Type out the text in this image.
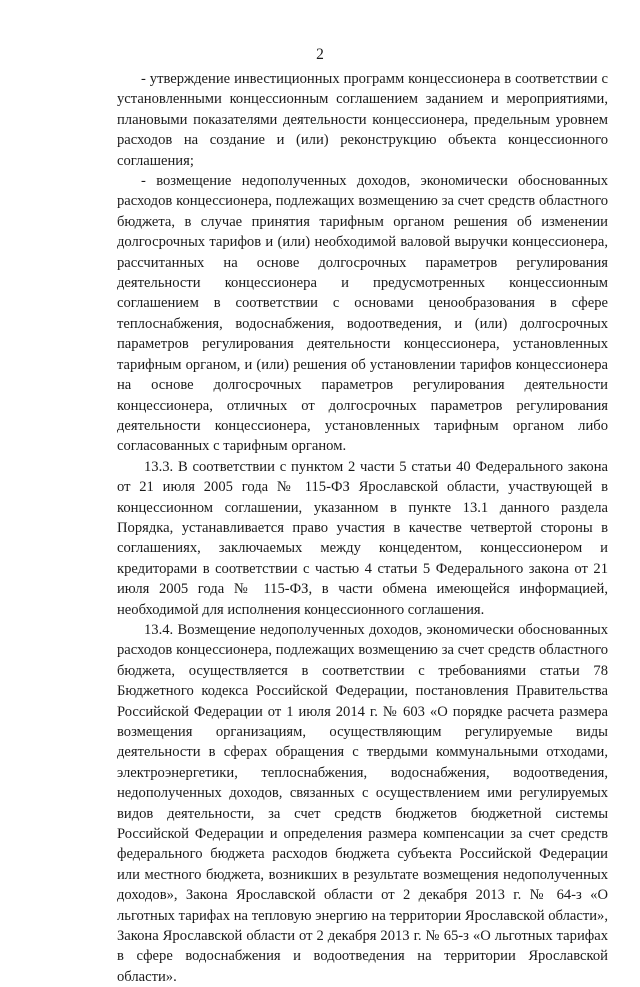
2

- утверждение инвестиционных программ концессионера в соответствии с установленными концессионным соглашением заданием и мероприятиями, плановыми показателями деятельности концессионера, предельным уровнем расходов на создание и (или) реконструкцию объекта концессионного соглашения;

- возмещение недополученных доходов, экономически обоснованных расходов концессионера, подлежащих возмещению за счет средств областного бюджета, в случае принятия тарифным органом решения об изменении долгосрочных тарифов и (или) необходимой валовой выручки концессионера, рассчитанных на основе долгосрочных параметров регулирования деятельности концессионера и предусмотренных концессионным соглашением в соответствии с основами ценообразования в сфере теплоснабжения, водоснабжения, водоотведения, и (или) долгосрочных параметров регулирования деятельности концессионера, установленных тарифным органом, и (или) решения об установлении тарифов концессионера на основе долгосрочных параметров регулирования деятельности концессионера, отличных от долгосрочных параметров регулирования деятельности концессионера, установленных тарифным органом либо согласованных с тарифным органом.

13.3. В соответствии с пунктом 2 части 5 статьи 40 Федерального закона от 21 июля 2005 года № 115-ФЗ Ярославской области, участвующей в концессионном соглашении, указанном в пункте 13.1 данного раздела Порядка, устанавливается право участия в качестве четвертой стороны в соглашениях, заключаемых между концедентом, концессионером и кредиторами в соответствии с частью 4 статьи 5 Федерального закона от 21 июля 2005 года № 115-ФЗ, в части обмена имеющейся информацией, необходимой для исполнения концессионного соглашения.

13.4. Возмещение недополученных доходов, экономически обоснованных расходов концессионера, подлежащих возмещению за счет средств областного бюджета, осуществляется в соответствии с требованиями статьи 78 Бюджетного кодекса Российской Федерации, постановления Правительства Российской Федерации от 1 июля 2014 г. № 603 «О порядке расчета размера возмещения организациям, осуществляющим регулируемые виды деятельности в сферах обращения с твердыми коммунальными отходами, электроэнергетики, теплоснабжения, водоснабжения, водоотведения, недополученных доходов, связанных с осуществлением ими регулируемых видов деятельности, за счет средств бюджетов бюджетной системы Российской Федерации и определения размера компенсации за счет средств федерального бюджета расходов бюджета субъекта Российской Федерации или местного бюджета, возникших в результате возмещения недополученных доходов», Закона Ярославской области от 2 декабря 2013 г. № 64-з «О льготных тарифах на тепловую энергию на территории Ярославской области», Закона Ярославской области от 2 декабря 2013 г. № 65-з «О льготных тарифах в сфере водоснабжения и водоотведения на территории Ярославской области».
